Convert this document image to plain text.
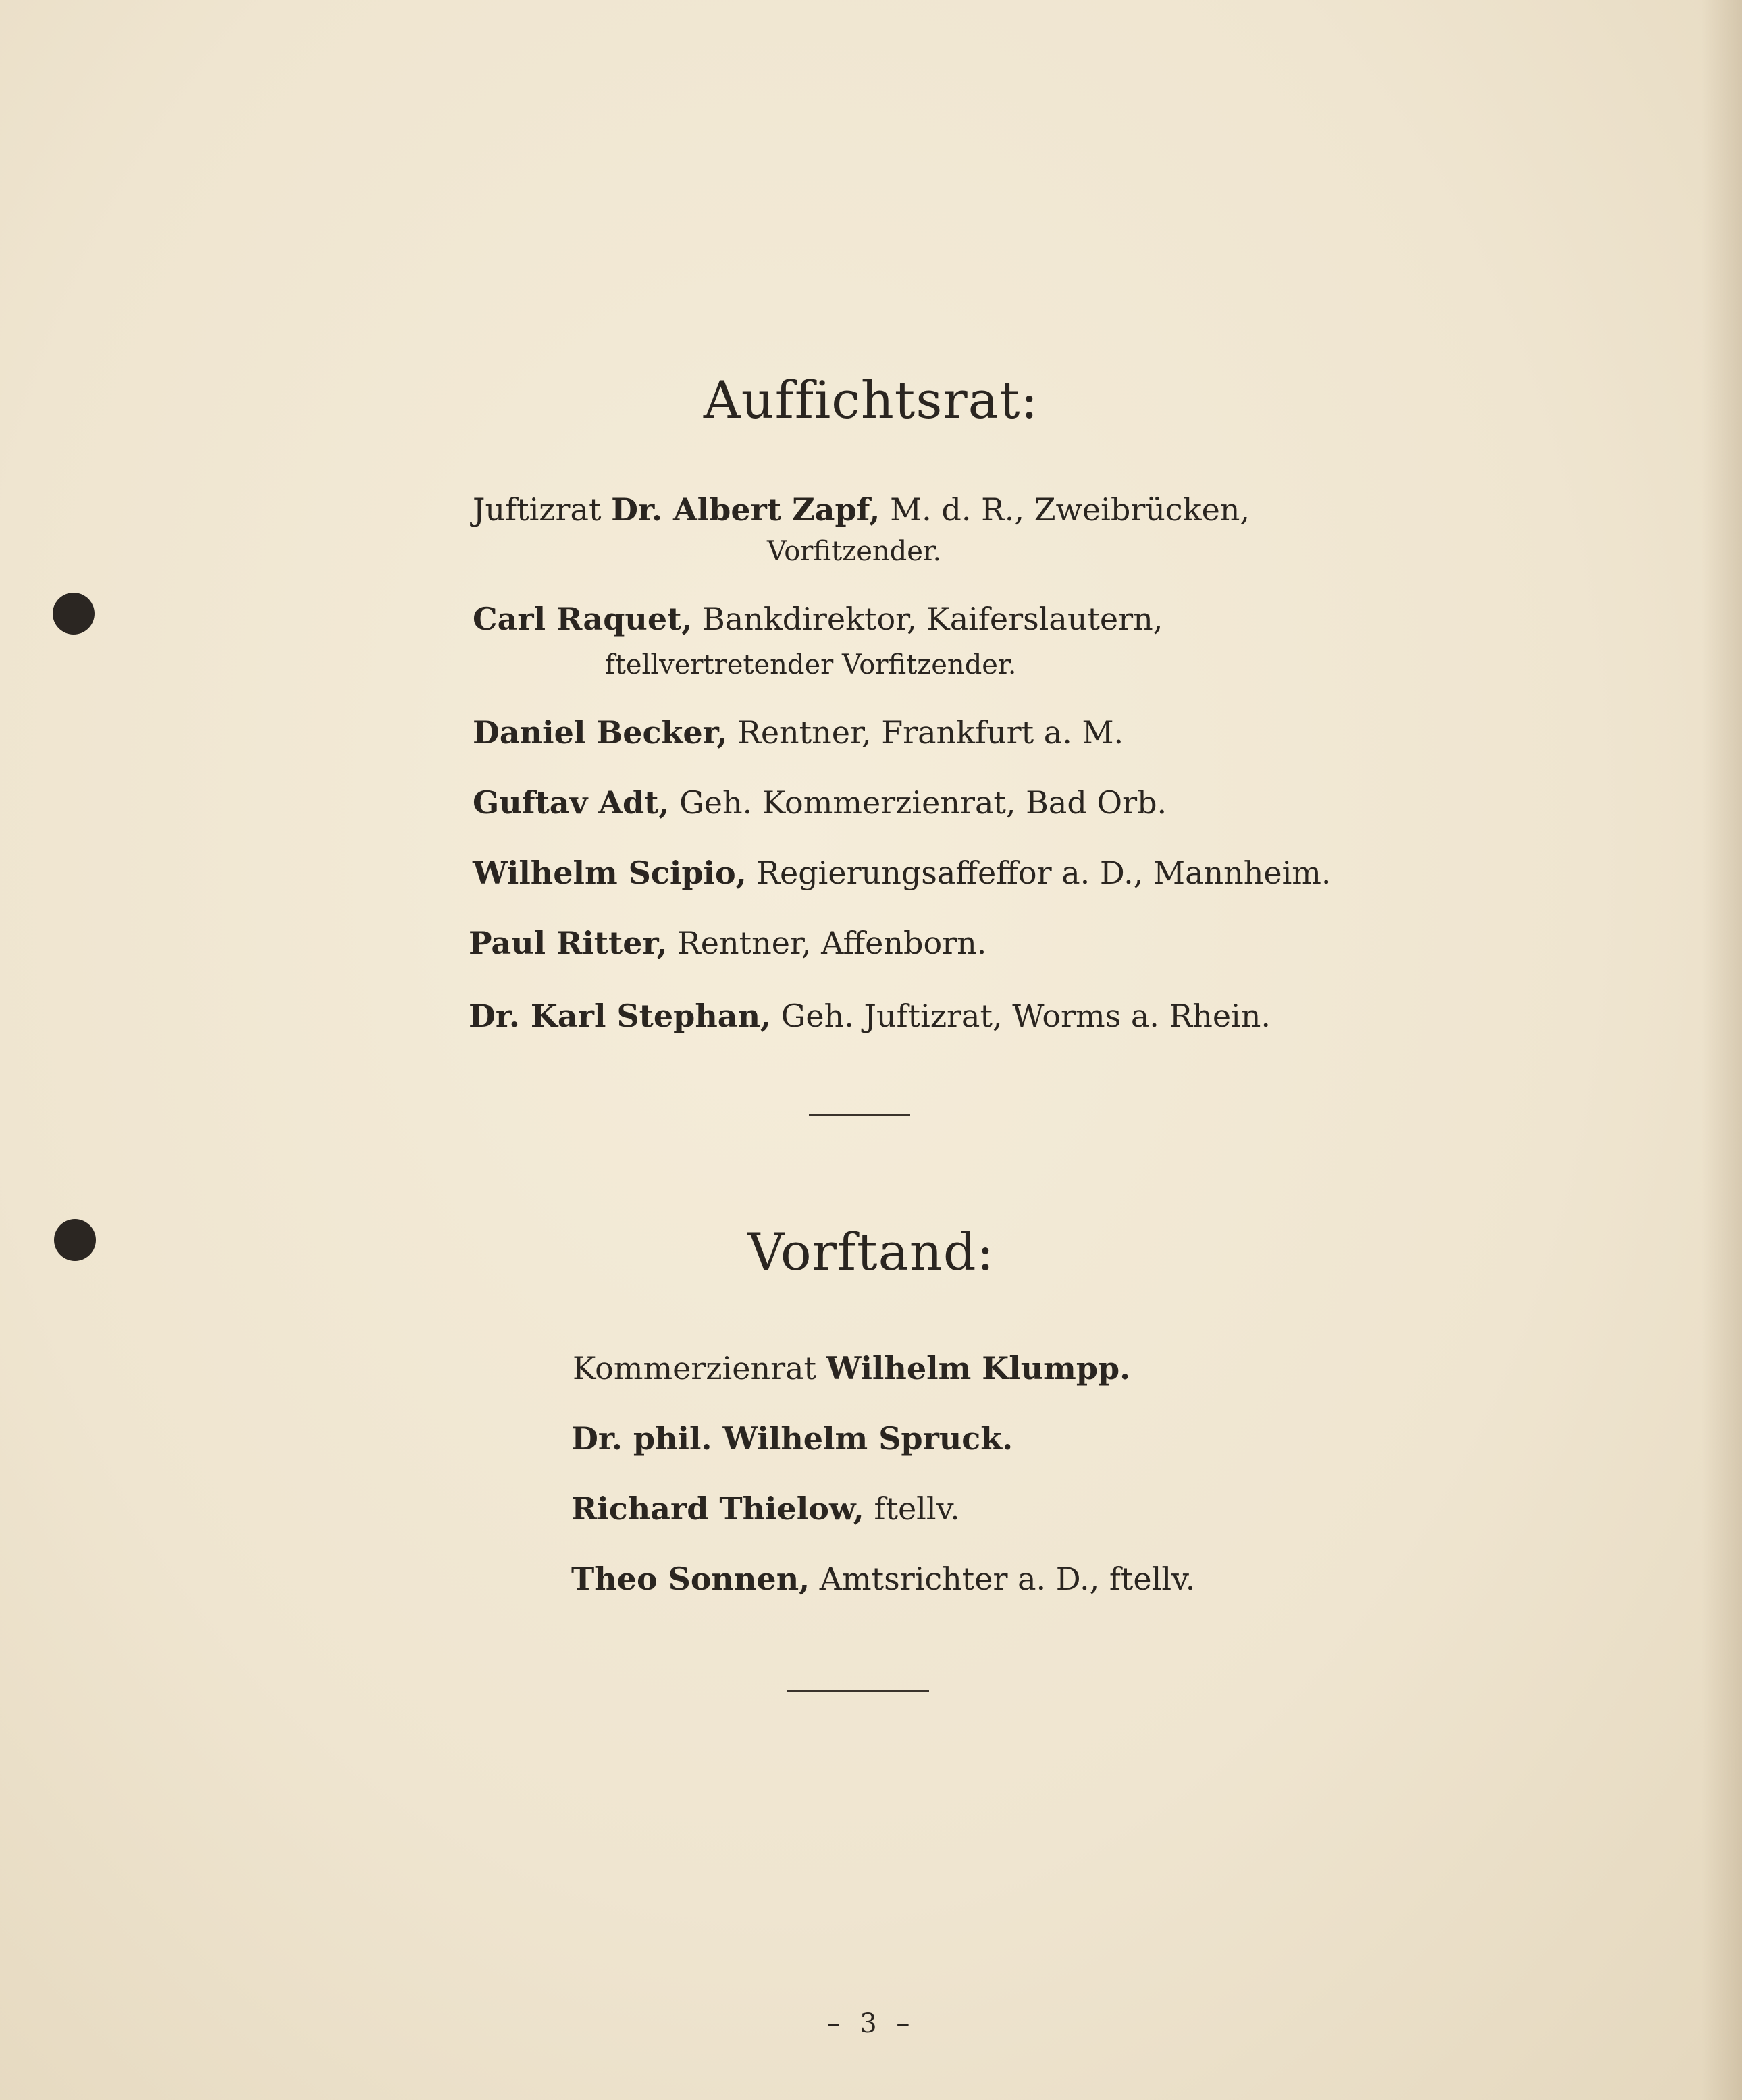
Auffichtsrat:
Juftizrat Dr. Albert Zapf, M. d. R., Zweibrücken,
Vorfitzender.
Carl Raquet, Bankdirektor, Kaiferslautern,
ftellvertretender Vorfitzender.
Daniel Becker, Rentner, Frankfurt a. M.
Guftav Adt, Geh. Kommerzienrat, Bad Orb.
Wilhelm Scipio, Regierungsaffeffor a. D., Mannheim.
Paul Ritter, Rentner, Affenborn.
Dr. Karl Stephan, Geh. Juftizrat, Worms a. Rhein.
Vorftand:
Kommerzienrat Wilhelm Klumpp.
Dr. phil. Wilhelm Spruck.
Richard Thielow, ftellv.
Theo Sonnen, Amtsrichter a. D., ftellv.
– 3 –
